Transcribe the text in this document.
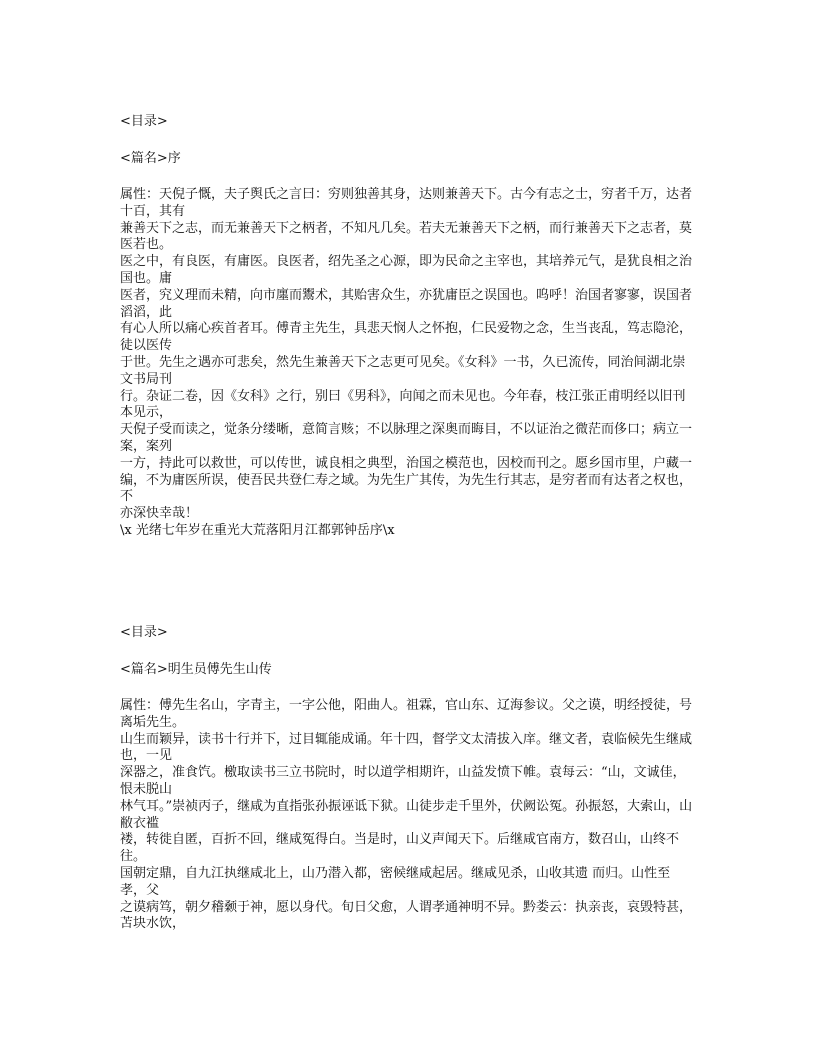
<目录>
<篇名>序

属性：天倪子慨，夫子舆氏之言曰：穷则独善其身，达则兼善天下。古今有志之士，穷者千万，达者十百，其有

兼善天下之志，而无兼善天下之柄者，不知凡几矣。若夫无兼善天下之柄，而行兼善天下之志者，莫医若也。

医之中，有良医，有庸医。良医者，绍先圣之心源，即为民命之主宰也，其培养元气，是犹良相之治国也。庸

医者，究义理而未精，向市廛而鬻术，其贻害众生，亦犹庸臣之误国也。呜呼！治国者寥寥，误国者滔滔，此

有心人所以痛心疾首者耳。傅青主先生，具悲天悯人之怀抱，仁民爱物之念，生当丧乱，笃志隐沦，徒以医传

于世。先生之遇亦可悲矣，然先生兼善天下之志更可见矣。《女科》一书，久已流传，同治间湖北崇文书局刊

行。杂证二卷，因《女科》之行，别曰《男科》，向闻之而未见也。今年春，枝江张正甫明经以旧刊本见示，

天倪子受而读之，觉条分缕晰，意简言赅；不以脉理之深奥而晦目，不以证治之微茫而侈口；病立一案，案列

一方，持此可以救世，可以传世，诚良相之典型，治国之模范也，因校而刊之。愿乡国市里，户藏一编，不为庸医所误，使吾民共登仁寿之域。为先生广其传，为先生行其志，是穷者而有达者之权也，不

亦深快幸哉！

\x 光绪七年岁在重光大荒落阳月江都郭钟岳序\x

<目录>
<篇名>明生员傅先生山传

属性：傅先生名山，字青主，一字公他，阳曲人。祖霖，官山东、辽海参议。父之谟，明经授徒，号离垢先生。

山生而颖异，读书十行并下，过目辄能成诵。年十四，督学文太清拔入庠。继文者，袁临候先生继咸也，一见

深器之，准食饩。檄取读书三立书院时，时以道学相期许，山益发愤下帷。袁每云：“山，文诚佳，恨未脱山

林气耳。”崇祯丙子，继咸为直指张孙振诬诋下狱。山徒步走千里外，伏阙讼冤。孙振怒，大索山，山敝衣褴

褛，转徙自匿，百折不回，继咸冤得白。当是时，山义声闻天下。后继咸官南方，数召山，山终不往。

国朝定鼎，自九江执继咸北上，山乃潜入都，密候继咸起居。继咸见杀，山收其遗 而归。山性至孝，父

之谟病笃，朝夕稽颡于神，愿以身代。旬日父愈，人谓孝通神明不异。黔娄云：执亲丧，哀毁特甚，苫块水饮，
